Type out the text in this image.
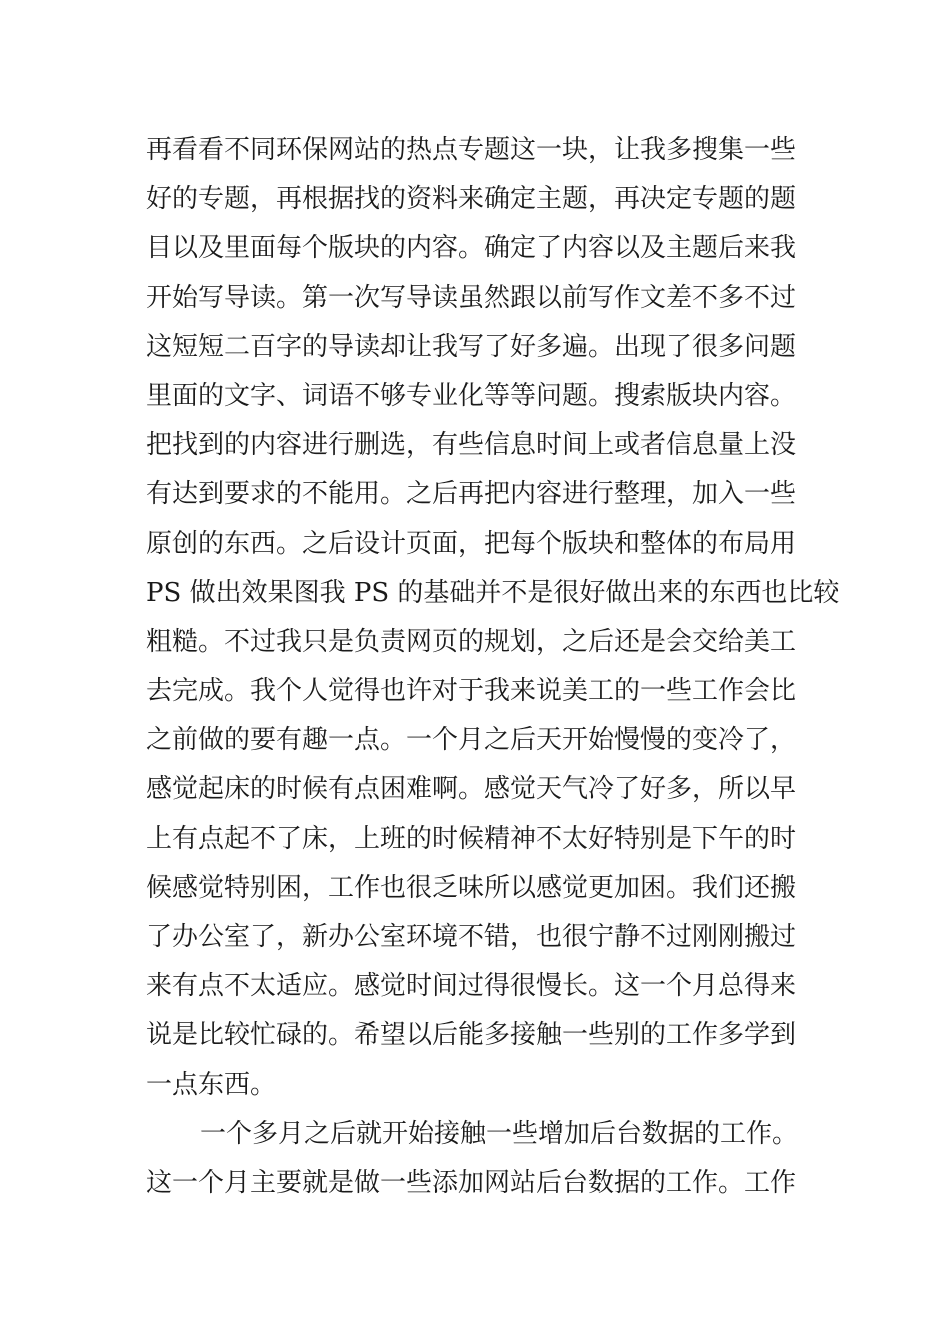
再看看不同环保网站的热点专题这一块，让我多搜集一些
好的专题，再根据找的资料来确定主题，再决定专题的题
目以及里面每个版块的内容。确定了内容以及主题后来我
开始写导读。第一次写导读虽然跟以前写作文差不多不过
这短短二百字的导读却让我写了好多遍。出现了很多问题
里面的文字、词语不够专业化等等问题。搜索版块内容。
把找到的内容进行删选，有些信息时间上或者信息量上没
有达到要求的不能用。之后再把内容进行整理，加入一些
原创的东西。之后设计页面，把每个版块和整体的布局用
PS 做出效果图我 PS 的基础并不是很好做出来的东西也比较
粗糙。不过我只是负责网页的规划，之后还是会交给美工
去完成。我个人觉得也许对于我来说美工的一些工作会比
之前做的要有趣一点。一个月之后天开始慢慢的变冷了，
感觉起床的时候有点困难啊。感觉天气冷了好多，所以早
上有点起不了床，上班的时候精神不太好特别是下午的时
候感觉特别困，工作也很乏味所以感觉更加困。我们还搬
了办公室了，新办公室环境不错，也很宁静不过刚刚搬过
来有点不太适应。感觉时间过得很慢长。这一个月总得来
说是比较忙碌的。希望以后能多接触一些别的工作多学到
一点东西。
一个多月之后就开始接触一些增加后台数据的工作。
这一个月主要就是做一些添加网站后台数据的工作。工作
